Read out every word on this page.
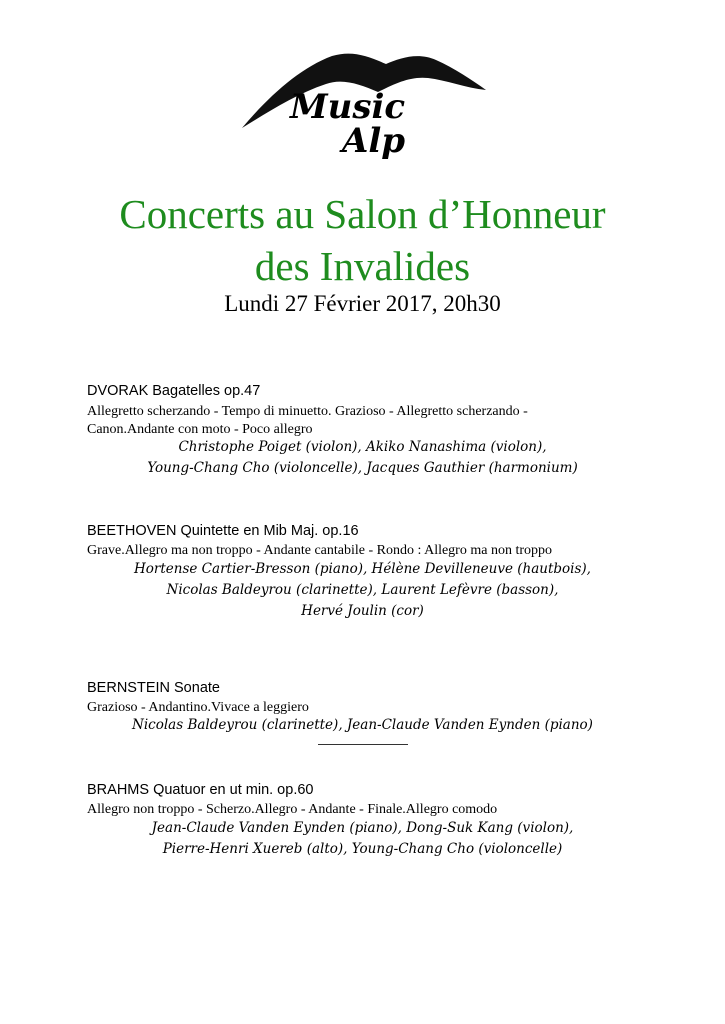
Music
Alp
Concerts au Salon d’Honneur
des Invalides
Lundi 27 Février 2017, 20h30
DVORAK Bagatelles op.47
Allegretto scherzando - Tempo di minuetto. Grazioso - Allegretto scherzando -
Canon.Andante con moto - Poco allegro
Christophe Poiget (violon), Akiko Nanashima (violon),
Young-Chang Cho (violoncelle), Jacques Gauthier (harmonium)
BEETHOVEN Quintette en Mib Maj. op.16
Grave.Allegro ma non troppo - Andante cantabile - Rondo : Allegro ma non troppo
Hortense Cartier-Bresson (piano), Hélène Devilleneuve (hautbois),
Nicolas Baldeyrou (clarinette), Laurent Lefèvre (basson),
Hervé Joulin (cor)
BERNSTEIN Sonate
Grazioso - Andantino.Vivace a leggiero
Nicolas Baldeyrou (clarinette), Jean-Claude Vanden Eynden (piano)
BRAHMS Quatuor en ut min. op.60
Allegro non troppo - Scherzo.Allegro - Andante - Finale.Allegro comodo
Jean-Claude Vanden Eynden (piano), Dong-Suk Kang (violon),
Pierre-Henri Xuereb (alto), Young-Chang Cho (violoncelle)
